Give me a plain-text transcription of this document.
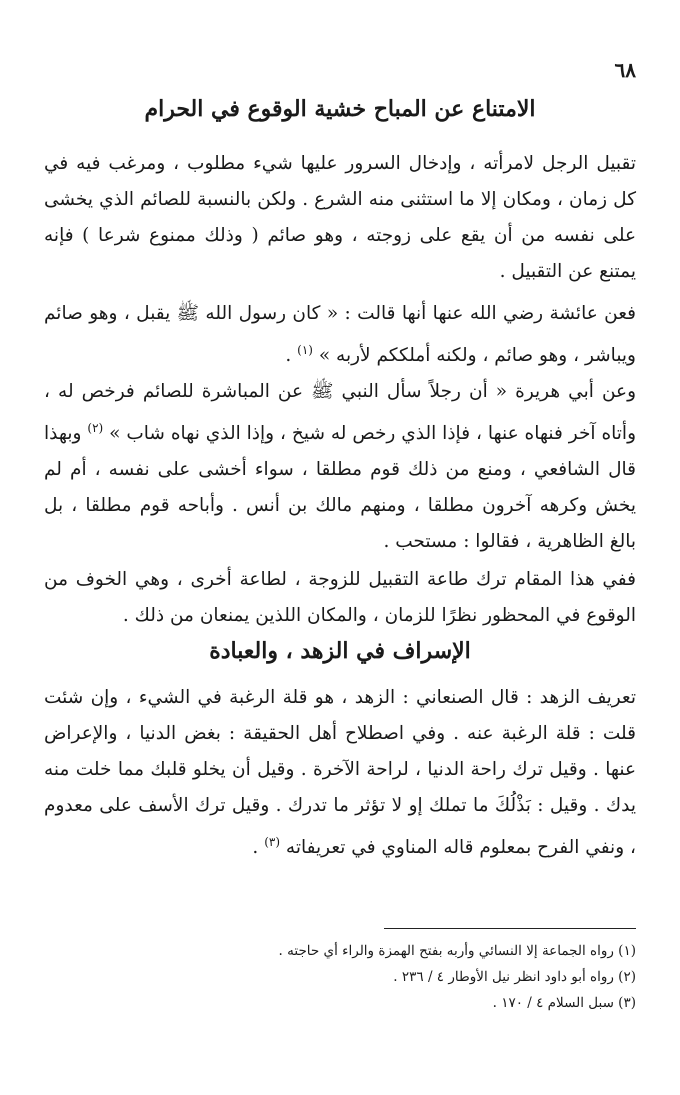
٦٨
الامتناع عن المباح خشية الوقوع في الحرام

تقبيل الرجل لامرأته ، وإدخال السرور عليها شيء مطلوب ، ومرغب فيه في كل زمان ، ومكان إلا ما استثنى منه الشرع . ولكن بالنسبة للصائم الذي يخشى على نفسه من أن يقع على زوجته ، وهو صائم ( وذلك ممنوع شرعا ) فإنه يمتنع عن التقبيل .

فعن عائشة رضي الله عنها أنها قالت : « كان رسول الله ﷺ يقبل ، وهو صائم ويباشر ، وهو صائم ، ولكنه أملككم لأربه » $^{(١)}$ .

وعن أبي هريرة « أن رجلاً سأل النبي ﷺ عن المباشرة للصائم فرخص له ، وأتاه آخر فنهاه عنها ، فإذا الذي رخص له شيخ ، وإذا الذي نهاه شاب » $^{(٢)}$ وبهذا قال الشافعي ، ومنع من ذلك قوم مطلقا ، سواء أخشى على نفسه ، أم لم يخش وكرهه آخرون مطلقا ، ومنهم مالك بن أنس . وأباحه قوم مطلقا ، بل بالغ الظاهرية ، فقالوا : مستحب .

ففي هذا المقام ترك طاعة التقبيل للزوجة ، لطاعة أخرى ، وهي الخوف من الوقوع في المحظور نظرًا للزمان ، والمكان اللذين يمنعان من ذلك .

الإسراف في الزهد ، والعبادة

تعريف الزهد : قال الصنعاني : الزهد ، هو قلة الرغبة في الشيء ، وإن شئت قلت : قلة الرغبة عنه . وفي اصطلاح أهل الحقيقة : بغض الدنيا ، والإعراض عنها . وقيل ترك راحة الدنيا ، لراحة الآخرة . وقيل أن يخلو قلبك مما خلت منه يدك . وقيل : بَذْلُكَ ما تملك إو لا تؤثر ما تدرك . وقيل ترك الأسف على معدوم ، ونفي الفرح بمعلوم قاله المناوي في تعريفاته $^{(٣)}$ .

(١) رواه الجماعة إلا النسائي وأربه بفتح الهمزة والراء أي حاجته .
(٢) رواه أبو داود انظر نيل الأوطار ٤ / ٢٣٦ .
(٣) سبل السلام ٤ / ١٧٠ .
